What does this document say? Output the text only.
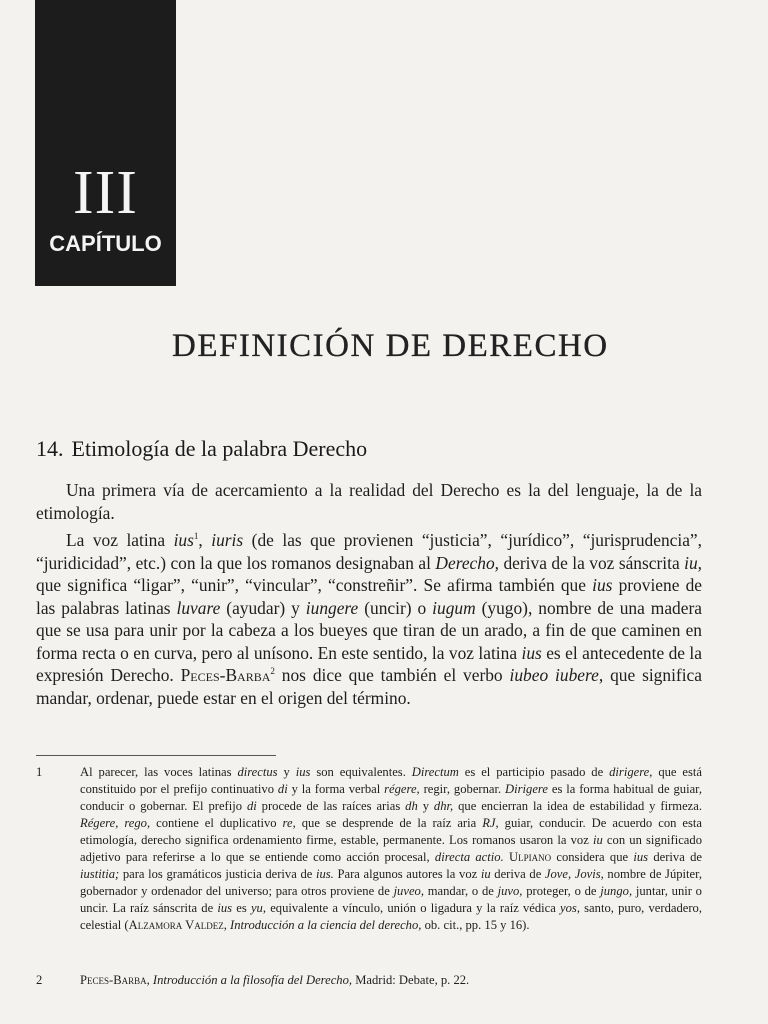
III
CAPÍTULO
DEFINICIÓN DE DERECHO
14. Etimología de la palabra Derecho

Una primera vía de acercamiento a la realidad del Derecho es la del lenguaje, la de la etimología.

La voz latina ius$^1$, iuris (de las que provienen “justicia”, “jurídico”, “jurisprudencia”, “juridicidad”, etc.) con la que los romanos designaban al Derecho, deriva de la voz sánscrita iu, que significa “ligar”, “unir”, “vincular”, “constreñir”. Se afirma también que ius proviene de las palabras latinas luvare (ayudar) y iungere (uncir) o iugum (yugo), nombre de una madera que se usa para unir por la cabeza a los bueyes que tiran de un arado, a fin de que caminen en forma recta o en curva, pero al unísono. En este sentido, la voz latina ius es el antecedente de la expresión Derecho. Peces-Barba$^2$ nos dice que también el verbo iubeo iubere, que significa mandar, ordenar, puede estar en el origen del término.

1	Al parecer, las voces latinas directus y ius son equivalentes. Directum es el participio pasado de dirigere, que está constituido por el prefijo continuativo di y la forma verbal régere, regir, gobernar. Dirigere es la forma habitual de guiar, conducir o gobernar. El prefijo di procede de las raíces arias dh y dhr, que encierran la idea de estabilidad y firmeza. Régere, rego, contiene el duplicativo re, que se desprende de la raíz aria RJ, guiar, conducir. De acuerdo con esta etimología, derecho significa ordenamiento firme, estable, permanente. Los romanos usaron la voz iu con un significado adjetivo para referirse a lo que se entiende como acción procesal, directa actio. Ulpiano considera que ius deriva de iustitia; para los gramáticos justicia deriva de ius. Para algunos autores la voz iu deriva de Jove, Jovis, nombre de Júpiter, gobernador y ordenador del universo; para otros proviene de juveo, mandar, o de juvo, proteger, o de jungo, juntar, unir o uncir. La raíz sánscrita de ius es yu, equivalente a vínculo, unión o ligadura y la raíz védica yos, santo, puro, verdadero, celestial (Alzamora Valdez, Introducción a la ciencia del derecho, ob. cit., pp. 15 y 16).
2	Peces-Barba, Introducción a la filosofía del Derecho, Madrid: Debate, p. 22.
